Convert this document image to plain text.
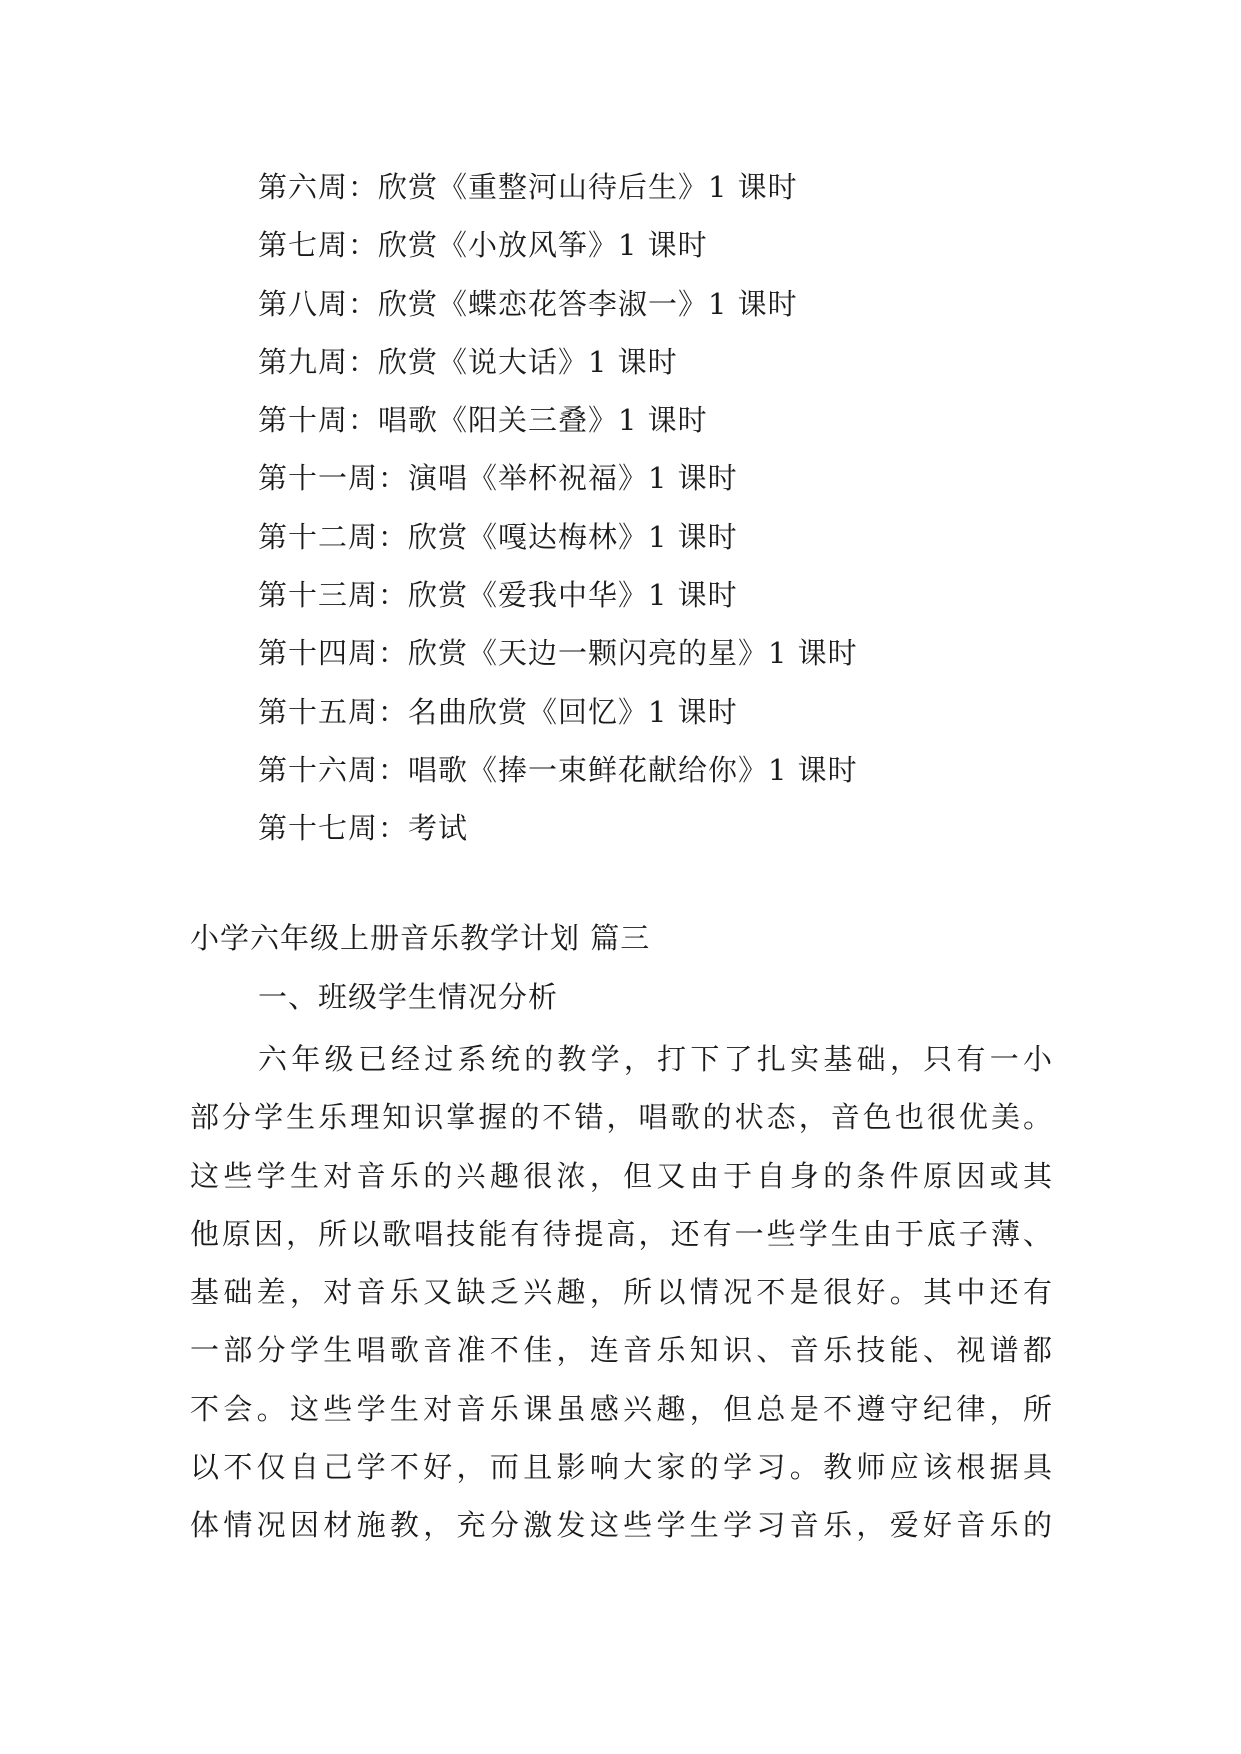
第六周：欣赏《重整河山待后生》1 课时
第七周：欣赏《小放风筝》1 课时
第八周：欣赏《蝶恋花答李淑一》1 课时
第九周：欣赏《说大话》1 课时
第十周：唱歌《阳关三叠》1 课时
第十一周：演唱《举杯祝福》1 课时
第十二周：欣赏《嘎达梅林》1 课时
第十三周：欣赏《爱我中华》1 课时
第十四周：欣赏《天边一颗闪亮的星》1 课时
第十五周：名曲欣赏《回忆》1 课时
第十六周：唱歌《捧一束鲜花献给你》1 课时
第十七周：考试
小学六年级上册音乐教学计划 篇三
一、班级学生情况分析
六年级已经过系统的教学，打下了扎实基础，只有一小
部分学生乐理知识掌握的不错，唱歌的状态，音色也很优美。
这些学生对音乐的兴趣很浓，但又由于自身的条件原因或其
他原因，所以歌唱技能有待提高，还有一些学生由于底子薄、
基础差，对音乐又缺乏兴趣，所以情况不是很好。其中还有
一部分学生唱歌音准不佳，连音乐知识、音乐技能、视谱都
不会。这些学生对音乐课虽感兴趣，但总是不遵守纪律，所
以不仅自己学不好，而且影响大家的学习。教师应该根据具
体情况因材施教，充分激发这些学生学习音乐，爱好音乐的
